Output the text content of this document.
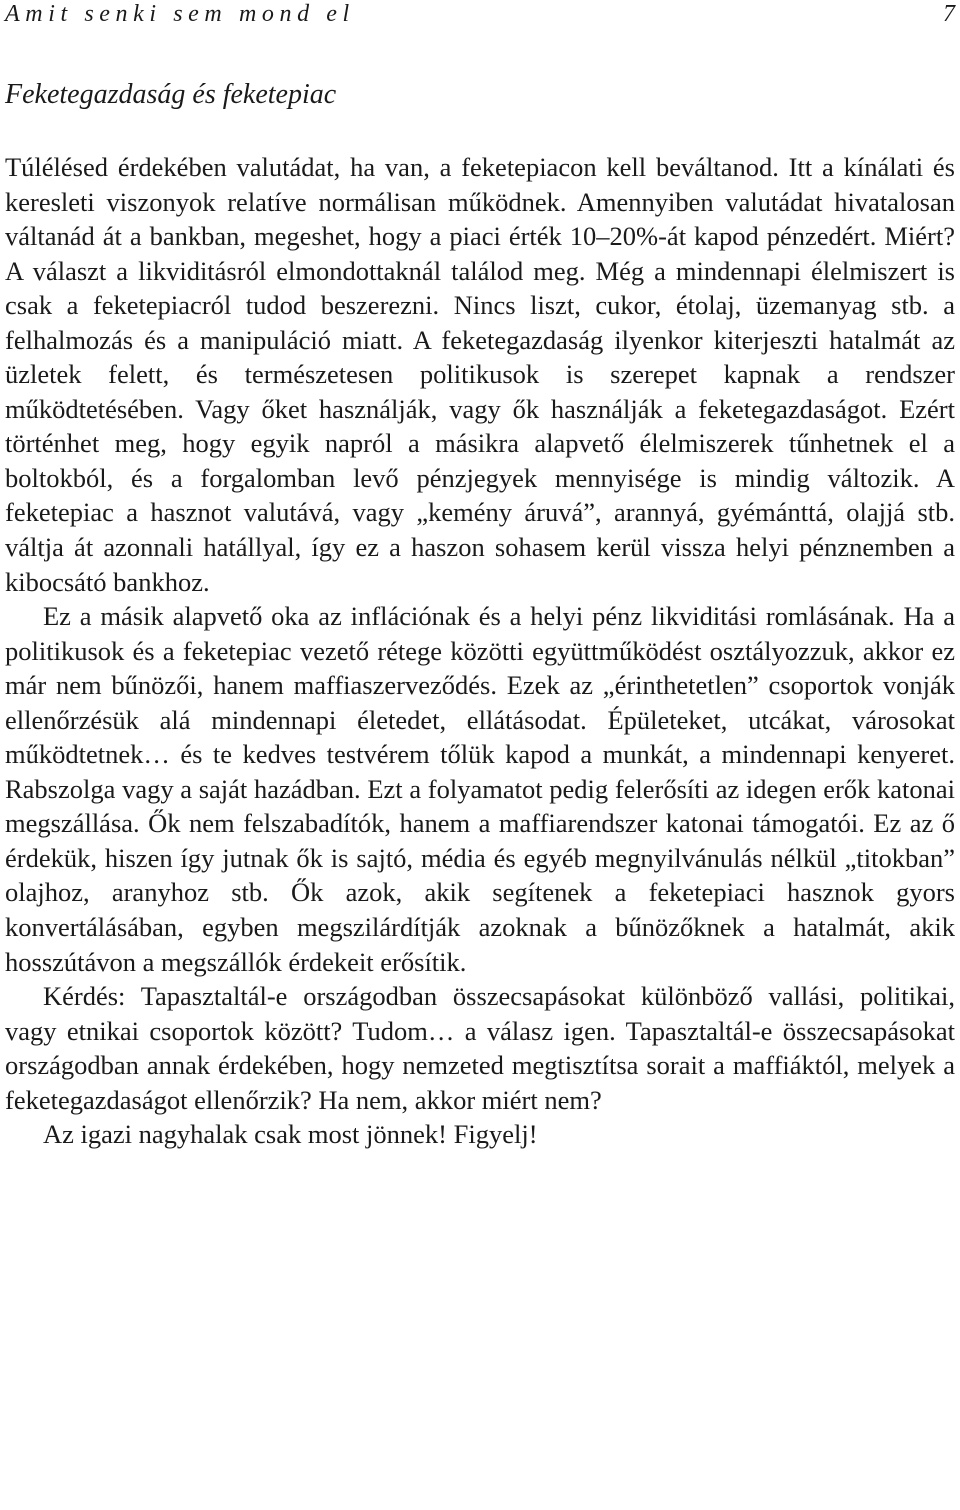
Amit senki sem mond el	7
Feketegazdaság és feketepiac

Túlélésed érdekében valutádat, ha van, a feketepiacon kell beváltanod. Itt a kínálati és keresleti viszonyok relatíve normálisan működnek. Amennyiben valutádat hivatalosan váltanád át a bankban, megeshet, hogy a piaci érték 10–20%-át kapod pénzedért. Miért? A választ a likviditásról elmondottaknál találod meg. Még a mindennapi élelmiszert is csak a feketepiacról tudod beszerezni. Nincs liszt, cukor, étolaj, üzemanyag stb. a felhalmozás és a manipuláció miatt. A feketegazdaság ilyenkor kiterjeszti hatalmát az üzletek felett, és természetesen politikusok is szerepet kapnak a rendszer működtetésében. Vagy őket használják, vagy ők használják a feketegazdaságot. Ezért történhet meg, hogy egyik napról a másikra alapvető élelmiszerek tűnhetnek el a boltokból, és a forgalomban levő pénzjegyek mennyisége is mindig változik. A feketepiac a hasznot valutává, vagy „kemény áruvá”, arannyá, gyémánttá, olajjá stb. váltja át azonnali hatállyal, így ez a haszon sohasem kerül vissza helyi pénznemben a kibocsátó bankhoz.

Ez a másik alapvető oka az inflációnak és a helyi pénz likviditási romlásának. Ha a politikusok és a feketepiac vezető rétege közötti együttműködést osztályozzuk, akkor ez már nem bűnözői, hanem maffiaszerveződés. Ezek az „érinthetetlen” csoportok vonják ellenőrzésük alá mindennapi életedet, ellátásodat. Épületeket, utcákat, városokat működtetnek… és te kedves testvérem tőlük kapod a munkát, a mindennapi kenyeret. Rabszolga vagy a saját hazádban. Ezt a folyamatot pedig felerősíti az idegen erők katonai megszállása. Ők nem felszabadítók, hanem a maffiarendszer katonai támogatói. Ez az ő érdekük, hiszen így jutnak ők is sajtó, média és egyéb megnyilvánulás nélkül „titokban” olajhoz, aranyhoz stb. Ők azok, akik segítenek a feketepiaci hasznok gyors konvertálásában, egyben megszilárdítják azoknak a bűnözőknek a hatalmát, akik hosszútávon a megszállók érdekeit erősítik.

Kérdés: Tapasztaltál-e országodban összecsapásokat különböző vallási, politikai, vagy etnikai csoportok között? Tudom… a válasz igen. Tapasztaltál-e összecsapásokat országodban annak érdekében, hogy nemzeted megtisztítsa sorait a maffiáktól, melyek a feketegazdaságot ellenőrzik? Ha nem, akkor miért nem?

Az igazi nagyhalak csak most jönnek! Figyelj!
